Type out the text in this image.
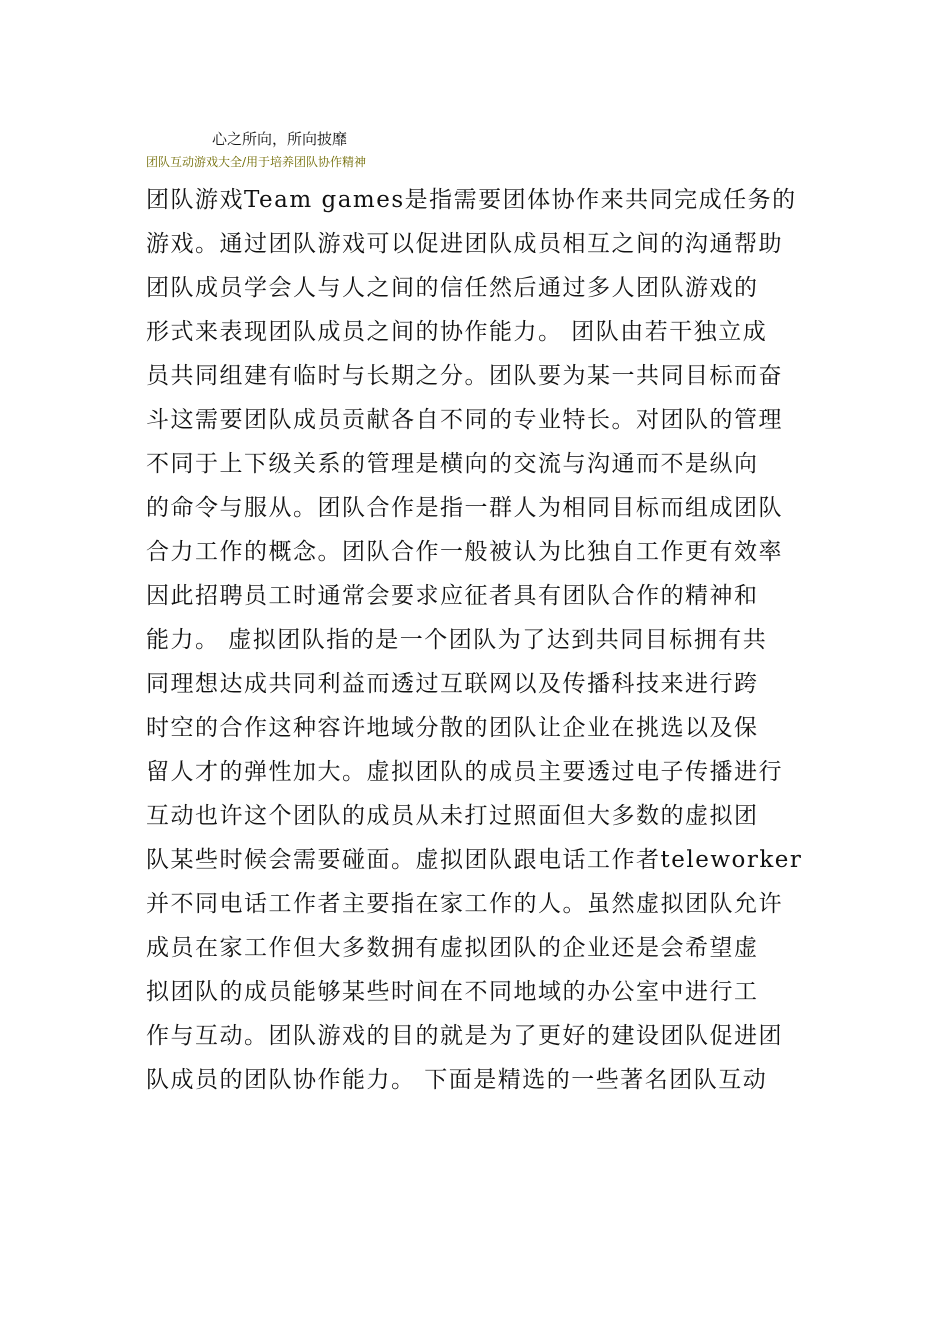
心之所向，所向披靡
团队互动游戏大全/用于培养团队协作精神
团队游戏Team games是指需要团体协作来共同完成任务的
游戏。通过团队游戏可以促进团队成员相互之间的沟通帮助
团队成员学会人与人之间的信任然后通过多人团队游戏的
形式来表现团队成员之间的协作能力。 团队由若干独立成
员共同组建有临时与长期之分。团队要为某一共同目标而奋
斗这需要团队成员贡献各自不同的专业特长。对团队的管理
不同于上下级关系的管理是横向的交流与沟通而不是纵向
的命令与服从。团队合作是指一群人为相同目标而组成团队
合力工作的概念。团队合作一般被认为比独自工作更有效率
因此招聘员工时通常会要求应征者具有团队合作的精神和
能力。 虚拟团队指的是一个团队为了达到共同目标拥有共
同理想达成共同利益而透过互联网以及传播科技来进行跨
时空的合作这种容许地域分散的团队让企业在挑选以及保
留人才的弹性加大。虚拟团队的成员主要透过电子传播进行
互动也许这个团队的成员从未打过照面但大多数的虚拟团
队某些时候会需要碰面。虚拟团队跟电话工作者teleworker
并不同电话工作者主要指在家工作的人。虽然虚拟团队允许
成员在家工作但大多数拥有虚拟团队的企业还是会希望虚
拟团队的成员能够某些时间在不同地域的办公室中进行工
作与互动。团队游戏的目的就是为了更好的建设团队促进团
队成员的团队协作能力。 下面是精选的一些著名团队互动
